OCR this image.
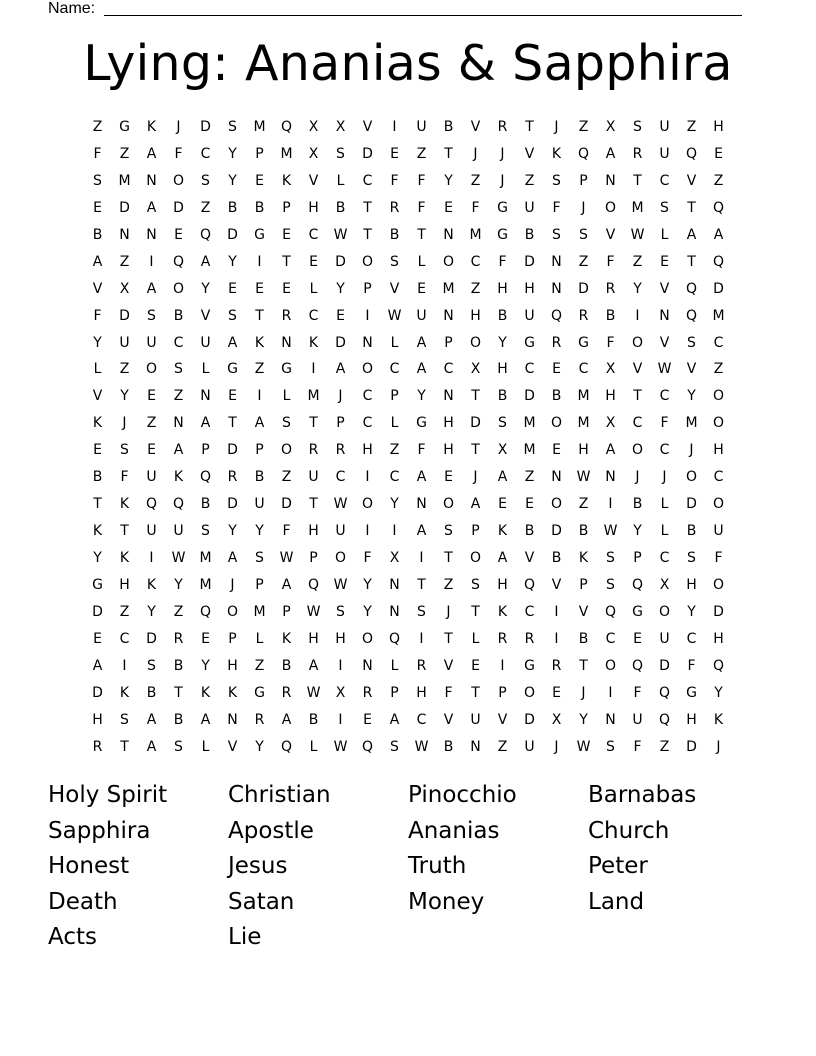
Name:
Lying: Ananias & Sapphira
Z	G	K	J	D	S	M	Q	X	X	V	I	U	B	V	R	T	J	Z	X	S	U	Z	H
F	Z	A	F	C	Y	P	M	X	S	D	E	Z	T	J	J	V	K	Q	A	R	U	Q	E
S	M	N	O	S	Y	E	K	V	L	C	F	F	Y	Z	J	Z	S	P	N	T	C	V	Z
E	D	A	D	Z	B	B	P	H	B	T	R	F	E	F	G	U	F	J	O	M	S	T	Q
B	N	N	E	Q	D	G	E	C	W	T	B	T	N	M	G	B	S	S	V	W	L	A	A
A	Z	I	Q	A	Y	I	T	E	D	O	S	L	O	C	F	D	N	Z	F	Z	E	T	Q
V	X	A	O	Y	E	E	E	L	Y	P	V	E	M	Z	H	H	N	D	R	Y	V	Q	D
F	D	S	B	V	S	T	R	C	E	I	W	U	N	H	B	U	Q	R	B	I	N	Q	M
Y	U	U	C	U	A	K	N	K	D	N	L	A	P	O	Y	G	R	G	F	O	V	S	C
L	Z	O	S	L	G	Z	G	I	A	O	C	A	C	X	H	C	E	C	X	V	W	V	Z
V	Y	E	Z	N	E	I	L	M	J	C	P	Y	N	T	B	D	B	M	H	T	C	Y	O
K	J	Z	N	A	T	A	S	T	P	C	L	G	H	D	S	M	O	M	X	C	F	M	O
E	S	E	A	P	D	P	O	R	R	H	Z	F	H	T	X	M	E	H	A	O	C	J	H
B	F	U	K	Q	R	B	Z	U	C	I	C	A	E	J	A	Z	N	W	N	J	J	O	C
T	K	Q	Q	B	D	U	D	T	W	O	Y	N	O	A	E	E	O	Z	I	B	L	D	O
K	T	U	U	S	Y	Y	F	H	U	I	I	A	S	P	K	B	D	B	W	Y	L	B	U
Y	K	I	W	M	A	S	W	P	O	F	X	I	T	O	A	V	B	K	S	P	C	S	F
G	H	K	Y	M	J	P	A	Q	W	Y	N	T	Z	S	H	Q	V	P	S	Q	X	H	O
D	Z	Y	Z	Q	O	M	P	W	S	Y	N	S	J	T	K	C	I	V	Q	G	O	Y	D
E	C	D	R	E	P	L	K	H	H	O	Q	I	T	L	R	R	I	B	C	E	U	C	H
A	I	S	B	Y	H	Z	B	A	I	N	L	R	V	E	I	G	R	T	O	Q	D	F	Q
D	K	B	T	K	K	G	R	W	X	R	P	H	F	T	P	O	E	J	I	F	Q	G	Y
H	S	A	B	A	N	R	A	B	I	E	A	C	V	U	V	D	X	Y	N	U	Q	H	K
R	T	A	S	L	V	Y	Q	L	W	Q	S	W	B	N	Z	U	J	W	S	F	Z	D	J
Holy Spirit	Christian	Pinocchio	Barnabas
Sapphira	Apostle	Ananias	Church
Honest	Jesus	Truth	Peter
Death	Satan	Money	Land
Acts	Lie
